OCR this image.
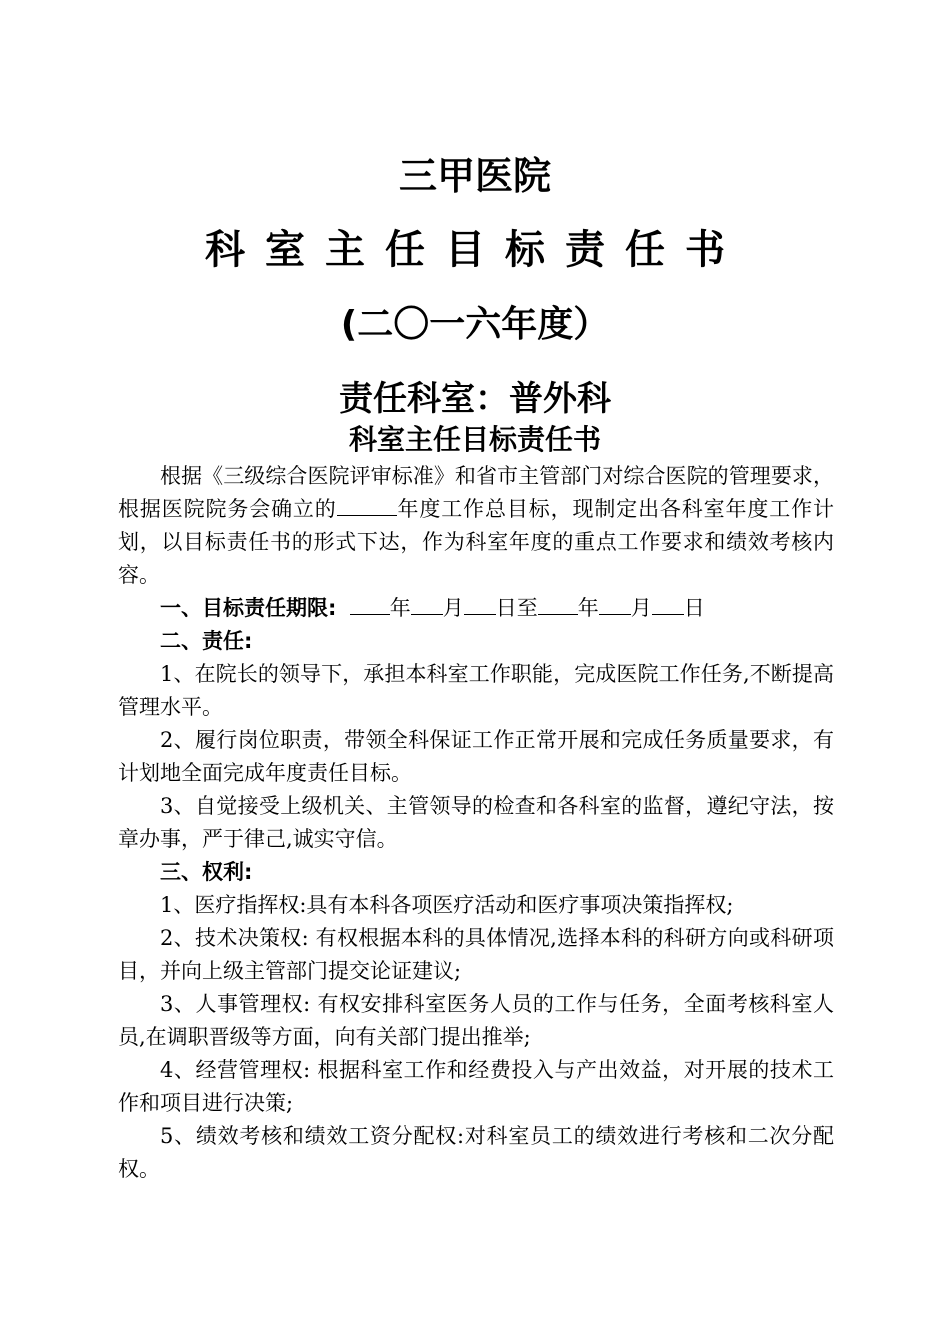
三甲医院
科室主任目标责任书
(二〇一六年度）
责任科室：普外科
科室主任目标责任书

根据《三级综合医院评审标准》和省市主管部门对综合医院的管理要求，根据医院院务会确立的	年度工作总目标，现制定出各科室年度工作计划，以目标责任书的形式下达，作为科室年度的重点工作要求和绩效考核内容。

一、目标责任期限:	年 月 日至 年 月 日

二、责任:

1、在院长的领导下，承担本科室工作职能，完成医院工作任务,不断提高管理水平。

2、履行岗位职责，带领全科保证工作正常开展和完成任务质量要求，有计划地全面完成年度责任目标。

3、自觉接受上级机关、主管领导的检查和各科室的监督，遵纪守法，按章办事，严于律己,诚实守信。

三、权利:

1、医疗指挥权:具有本科各项医疗活动和医疗事项决策指挥权;

2、技术决策权: 有权根据本科的具体情况,选择本科的科研方向或科研项目，并向上级主管部门提交论证建议;

3、人事管理权: 有权安排科室医务人员的工作与任务，全面考核科室人员,在调职晋级等方面，向有关部门提出推举;

4、经营管理权: 根据科室工作和经费投入与产出效益，对开展的技术工作和项目进行决策;

5、绩效考核和绩效工资分配权:对科室员工的绩效进行考核和二次分配权。
